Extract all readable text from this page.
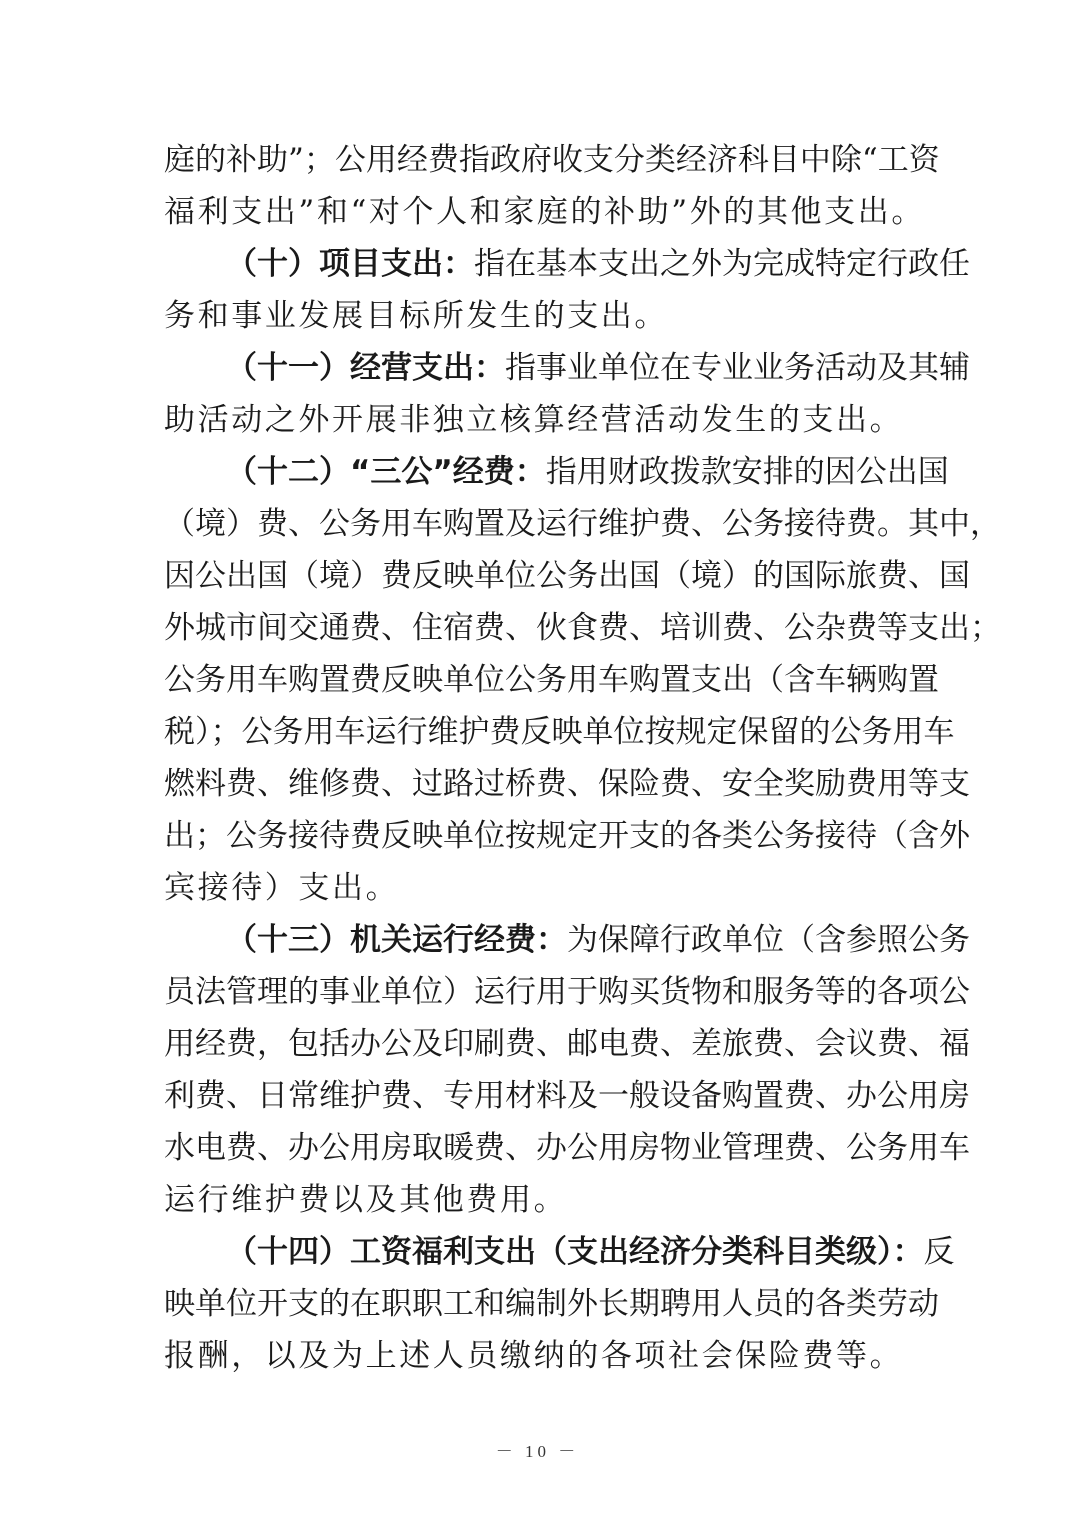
庭的补助”；公用经费指政府收支分类经济科目中除“工资
福利支出”和“对个人和家庭的补助”外的其他支出。
（十）项目支出：指在基本支出之外为完成特定行政任
务和事业发展目标所发生的支出。
（十一）经营支出：指事业单位在专业业务活动及其辅
助活动之外开展非独立核算经营活动发生的支出。
（十二）“三公”经费：指用财政拨款安排的因公出国
（境）费、公务用车购置及运行维护费、公务接待费。其中，
因公出国（境）费反映单位公务出国（境）的国际旅费、国
外城市间交通费、住宿费、伙食费、培训费、公杂费等支出；
公务用车购置费反映单位公务用车购置支出（含车辆购置
税）；公务用车运行维护费反映单位按规定保留的公务用车
燃料费、维修费、过路过桥费、保险费、安全奖励费用等支
出；公务接待费反映单位按规定开支的各类公务接待（含外
宾接待）支出。
（十三）机关运行经费：为保障行政单位（含参照公务
员法管理的事业单位）运行用于购买货物和服务等的各项公
用经费，包括办公及印刷费、邮电费、差旅费、会议费、福
利费、日常维护费、专用材料及一般设备购置费、办公用房
水电费、办公用房取暖费、办公用房物业管理费、公务用车
运行维护费以及其他费用。
（十四）工资福利支出（支出经济分类科目类级）：反
映单位开支的在职职工和编制外长期聘用人员的各类劳动
报酬，以及为上述人员缴纳的各项社会保险费等。
－ 10 －
